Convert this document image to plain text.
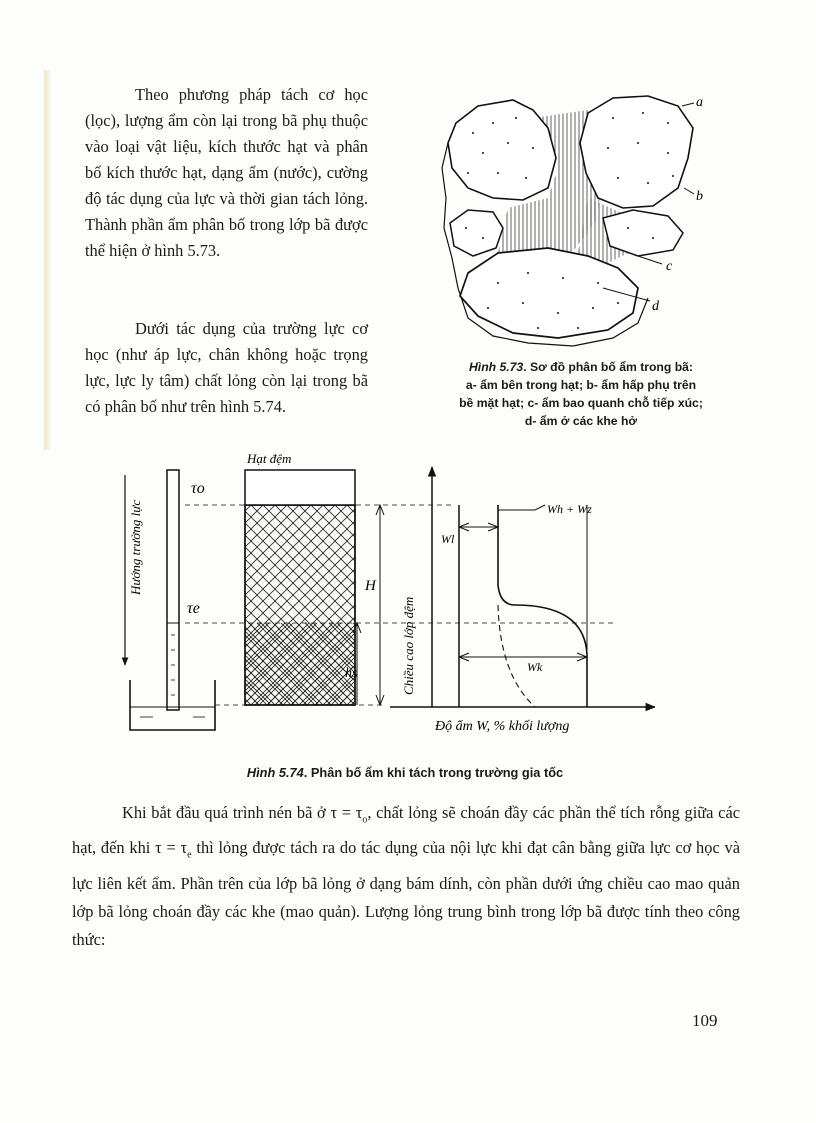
Theo phương pháp tách cơ học (lọc), lượng ẩm còn lại trong bã phụ thuộc vào loại vật liệu, kích thước hạt và phân bố kích thước hạt, dạng ẩm (nước), cường độ tác dụng của lực và thời gian tách lỏng. Thành phần ẩm phân bố trong lớp bã được thể hiện ở hình 5.73.

Dưới tác dụng của trường lực cơ học (như áp lực, chân không hoặc trọng lực, lực ly tâm) chất lỏng còn lại trong bã có phân bố như trên hình 5.74.

a
b
c
d
Hình 5.73. Sơ đồ phân bố ẩm trong bã:
a- ẩm bên trong hạt; b- ẩm hấp phụ trên
bề mặt hạt; c- ẩm bao quanh chỗ tiếp xúc;
d- ẩm ở các khe hở
τo
τe
Hướng trường lực
Hạt đệm
H
hs	Chiều cao lớp đệm
Độ ẩm W, % khối lượng
Wl
Wh + Wz
Wk
Hình 5.74. Phân bố ẩm khi tách trong trường gia tốc

Khi bắt đầu quá trình nén bã ở $\tau = \tau_o$, chất lỏng sẽ choán đầy các phần thể tích rỗng giữa các hạt, đến khi $\tau = \tau_e$ thì lỏng được tách ra do tác dụng của nội lực khi đạt cân bằng giữa lực cơ học và lực liên kết ẩm. Phần trên của lớp bã lỏng ở dạng bám dính, còn phần dưới ứng chiều cao mao quản lớp bã lỏng choán đầy các khe (mao quản). Lượng lỏng trung bình trong lớp bã được tính theo công thức:

109
